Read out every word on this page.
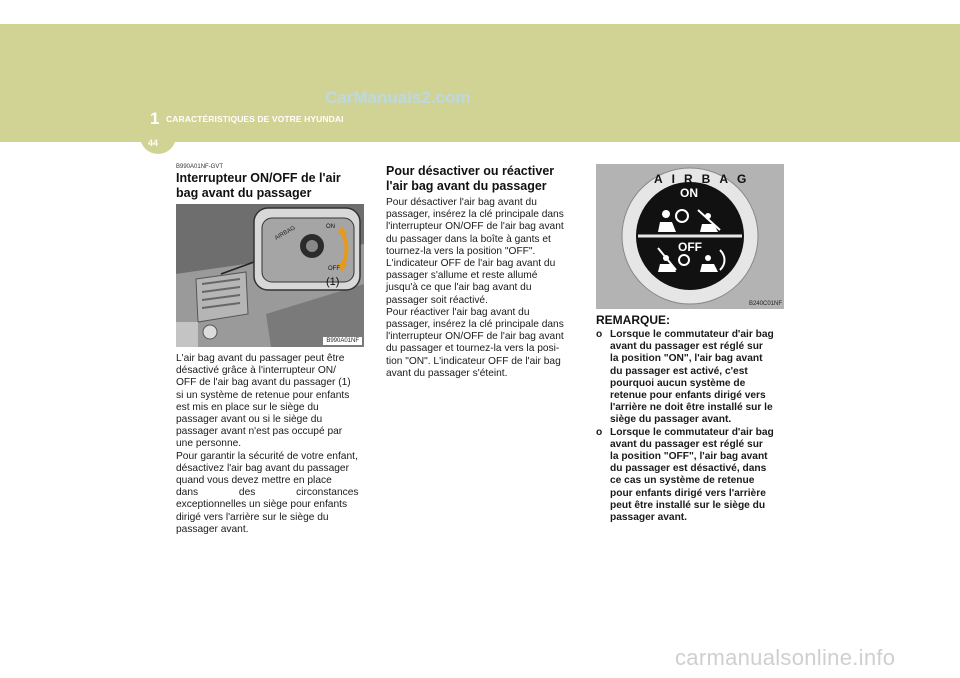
CarManuals2.com
1 CARACTÉRISTIQUES DE VOTRE HYUNDAI
44
B990A01NF-GVT
Interrupteur ON/OFF de l'air bag avant du passager
AIRBAG	ON
OFF
(1)
B990A01NF
L'air bag avant du passager peut être
désactivé grâce à l'interrupteur ON/
OFF de l'air bag avant du passager (1)
si un système de retenue pour enfants
est mis en place sur le siège du
passager avant ou si le siège du
passager avant n'est pas occupé par
une personne.
Pour garantir la sécurité de votre enfant,
désactivez l'air bag avant du passager
quand vous devez mettre en place
dans des circonstances
exceptionnelles un siège pour enfants
dirigé vers l'arrière sur le siège du
passager avant.
Pour désactiver ou réactiver l'air bag avant du passager
Pour désactiver l'air bag avant du
passager, insérez la clé principale dans
l'interrupteur ON/OFF de l'air bag avant
du passager dans la boîte à gants et
tournez-la vers la position "OFF".
L'indicateur OFF de l'air bag avant du
passager s'allume et reste allumé
jusqu'à ce que l'air bag avant du
passager soit réactivé.
Pour réactiver l'air bag avant du
passager, insérez la clé principale dans
l'interrupteur ON/OFF de l'air bag avant
du passager et tournez-la vers la posi-
tion "ON". L'indicateur OFF de l'air bag
avant du passager s'éteint.
AIRBAG
ON
OFF
B240C01NF
REMARQUE:
o Lorsque le commutateur d'air bag
avant du passager est réglé sur
la position "ON", l'air bag avant
du passager est activé, c'est
pourquoi aucun système de
retenue pour enfants dirigé vers
l'arrière ne doit être installé sur le
siège du passager avant.
o Lorsque le commutateur d'air bag
avant du passager est réglé sur
la position "OFF", l'air bag avant
du passager est désactivé, dans
ce cas un système de retenue
pour enfants dirigé vers l'arrière
peut être installé sur le siège du
passager avant.
carmanualsonline.info
